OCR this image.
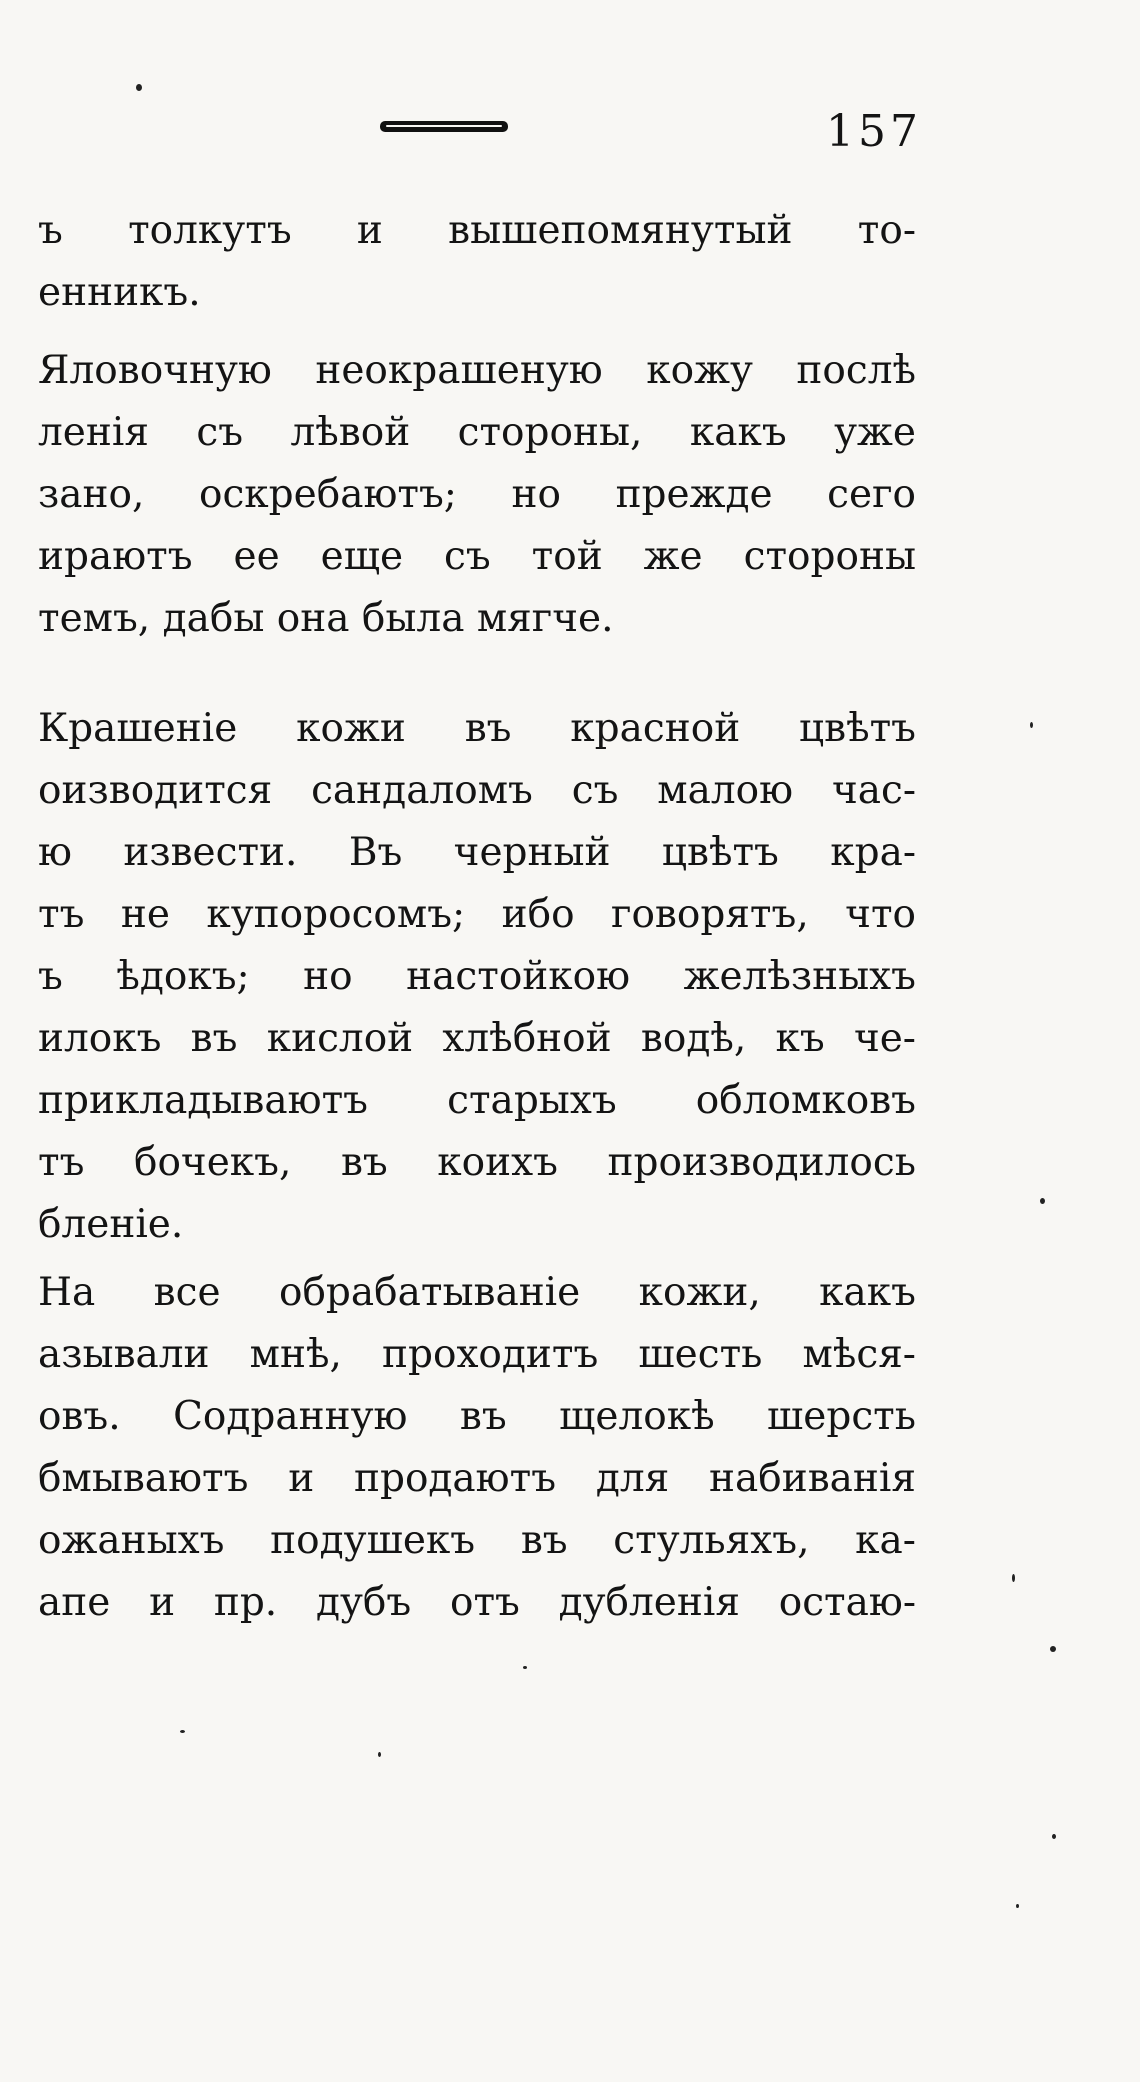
157
ъ толкутъ и вышепомянутый то-
енникъ.
Яловочную неокрашеную кожу послѣ
ленія съ лѣвой стороны, какъ уже
зано, оскребаютъ; но прежде сего
ираютъ ее еще съ той же стороны
темъ, дабы она была мягче.
Крашеніе кожи въ красной цвѣтъ
оизводится сандаломъ съ малою час-
ю извести. Въ черный цвѣтъ кра-
тъ не купоросомъ; ибо говорятъ, что
ъ ѣдокъ; но настойкою желѣзныхъ
илокъ въ кислой хлѣбной водѣ, къ че-
прикладываютъ старыхъ обломковъ
тъ бочекъ, въ коихъ производилось
бленіе.
На все обрабатываніе кожи, какъ
азывали мнѣ, проходитъ шесть мѣся-
овъ. Содранную въ щелокѣ шерсть
бмываютъ и продаютъ для набиванія
ожаныхъ подушекъ въ стульяхъ, ка-
апе и пр. дубъ отъ дубленія остаю-
